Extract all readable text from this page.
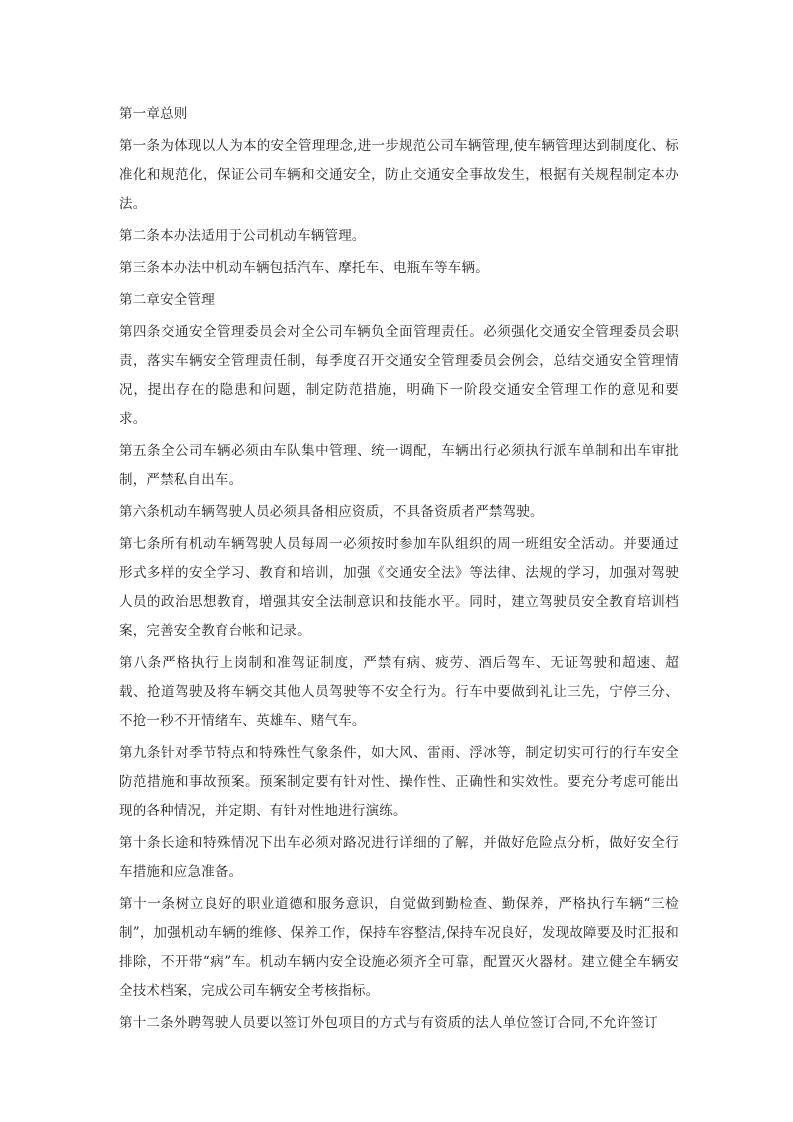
第一章总则

第一条为体现以人为本的安全管理理念,进一步规范公司车辆管理,使车辆管理达到制度化、标准化和规范化，保证公司车辆和交通安全，防止交通安全事故发生，根据有关规程制定本办法。

第二条本办法适用于公司机动车辆管理。

第三条本办法中机动车辆包括汽车、摩托车、电瓶车等车辆。

第二章安全管理

第四条交通安全管理委员会对全公司车辆负全面管理责任。必须强化交通安全管理委员会职责，落实车辆安全管理责任制，每季度召开交通安全管理委员会例会，总结交通安全管理情况，提出存在的隐患和问题，制定防范措施，明确下一阶段交通安全管理工作的意见和要求。

第五条全公司车辆必须由车队集中管理、统一调配，车辆出行必须执行派车单制和出车审批制，严禁私自出车。

第六条机动车辆驾驶人员必须具备相应资质，不具备资质者严禁驾驶。

第七条所有机动车辆驾驶人员每周一必须按时参加车队组织的周一班组安全活动。并要通过形式多样的安全学习、教育和培训，加强《交通安全法》等法律、法规的学习，加强对驾驶人员的政治思想教育，增强其安全法制意识和技能水平。同时，建立驾驶员安全教育培训档案，完善安全教育台帐和记录。

第八条严格执行上岗制和准驾证制度，严禁有病、疲劳、酒后驾车、无证驾驶和超速、超载、抢道驾驶及将车辆交其他人员驾驶等不安全行为。行车中要做到礼让三先，宁停三分、不抢一秒不开情绪车、英雄车、赌气车。

第九条针对季节特点和特殊性气象条件，如大风、雷雨、浮冰等，制定切实可行的行车安全防范措施和事故预案。预案制定要有针对性、操作性、正确性和实效性。要充分考虑可能出现的各种情况，并定期、有针对性地进行演练。

第十条长途和特殊情况下出车必须对路况进行详细的了解，并做好危险点分析，做好安全行车措施和应急准备。

第十一条树立良好的职业道德和服务意识，自觉做到勤检查、勤保养，严格执行车辆“三检制”，加强机动车辆的维修、保养工作，保持车容整洁,保持车况良好，发现故障要及时汇报和排除，不开带“病”车。机动车辆内安全设施必须齐全可靠，配置灭火器材。建立健全车辆安全技术档案，完成公司车辆安全考核指标。

第十二条外聘驾驶人员要以签订外包项目的方式与有资质的法人单位签订合同,不允许签订
